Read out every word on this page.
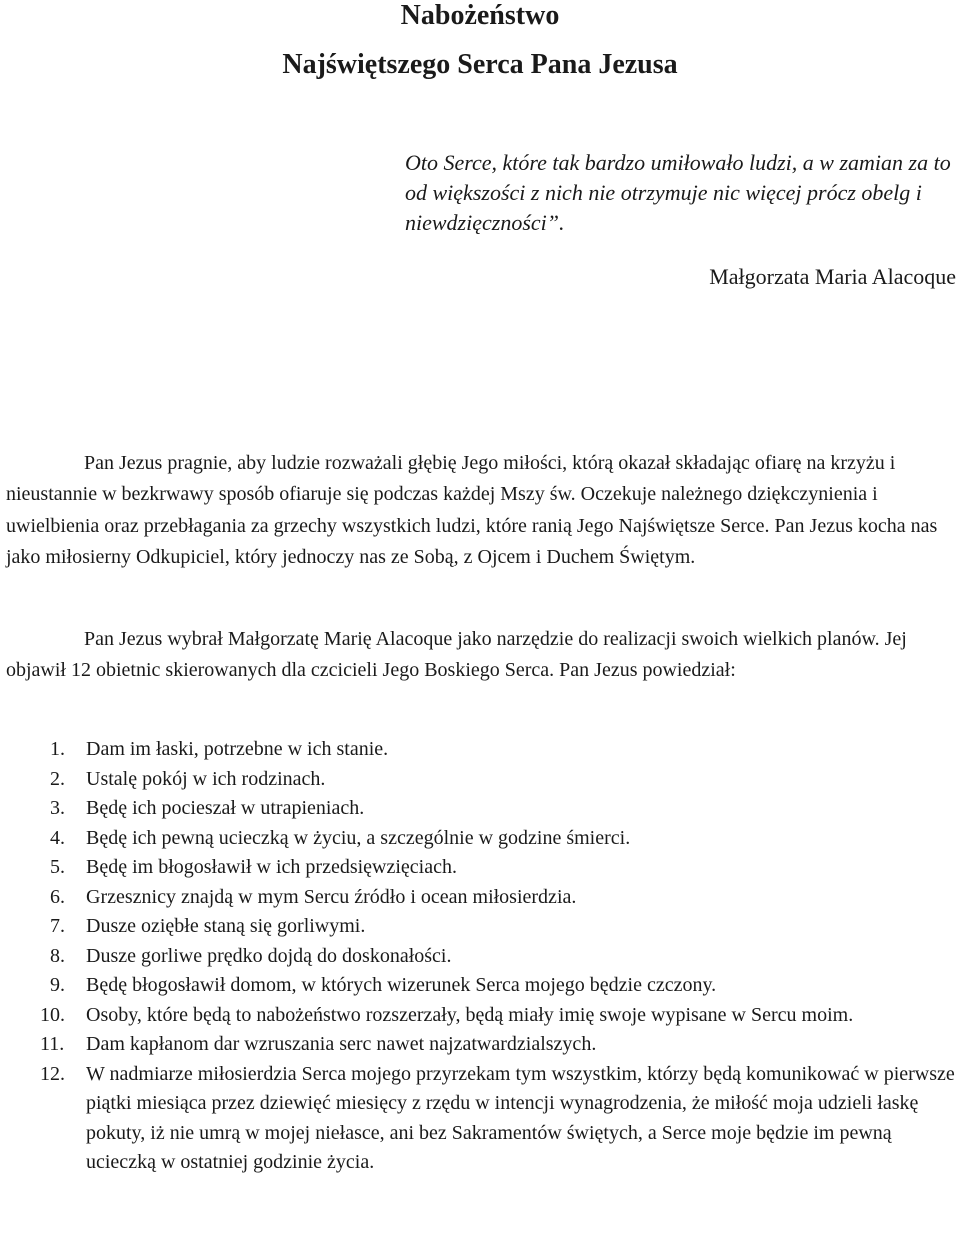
Nabożeństwo
Najświętszego Serca Pana Jezusa

Oto Serce, które tak bardzo umiłowało ludzi, a w zamian za to od większości z nich nie otrzymuje nic więcej prócz obelg i niewdzięczności”.

Małgorzata Maria Alacoque

Pan Jezus pragnie, aby ludzie rozważali głębię Jego miłości, którą okazał składając ofiarę na krzyżu i nieustannie w bezkrwawy sposób ofiaruje się podczas każdej Mszy św. Oczekuje należnego dziękczynienia i uwielbienia oraz przebłagania za grzechy wszystkich ludzi, które ranią Jego Najświętsze Serce. Pan Jezus kocha nas jako miłosierny Odkupiciel, który jednoczy nas ze Sobą, z Ojcem i Duchem Świętym.

Pan Jezus wybrał Małgorzatę Marię Alacoque jako narzędzie do realizacji swoich wielkich planów. Jej objawił 12 obietnic skierowanych dla czcicieli Jego Boskiego Serca. Pan Jezus powiedział:

1.	Dam im łaski, potrzebne w ich stanie.
2.	Ustalę pokój w ich rodzinach.
3.	Będę ich pocieszał w utrapieniach.
4.	Będę ich pewną ucieczką w życiu, a szczególnie w godzine śmierci.
5.	Będę im błogosławił w ich przedsięwzięciach.
6.	Grzesznicy znajdą w mym Sercu źródło i ocean miłosierdzia.
7.	Dusze oziębłe staną się gorliwymi.
8.	Dusze gorliwe prędko dojdą do doskonałości.
9.	Będę błogosławił domom, w których wizerunek Serca mojego będzie czczony.
10.	Osoby, które będą to nabożeństwo rozszerzały, będą miały imię swoje wypisane w Sercu moim.
11.	Dam kapłanom dar wzruszania serc nawet najzatwardzialszych.
12.	W nadmiarze miłosierdzia Serca mojego przyrzekam tym wszystkim, którzy będą komunikować w pierwsze piątki miesiąca przez dziewięć miesięcy z rzędu w intencji wynagrodzenia, że miłość moja udzieli łaskę pokuty, iż nie umrą w mojej niełasce, ani bez Sakramentów świętych, a Serce moje będzie im pewną ucieczką w ostatniej godzinie życia.
